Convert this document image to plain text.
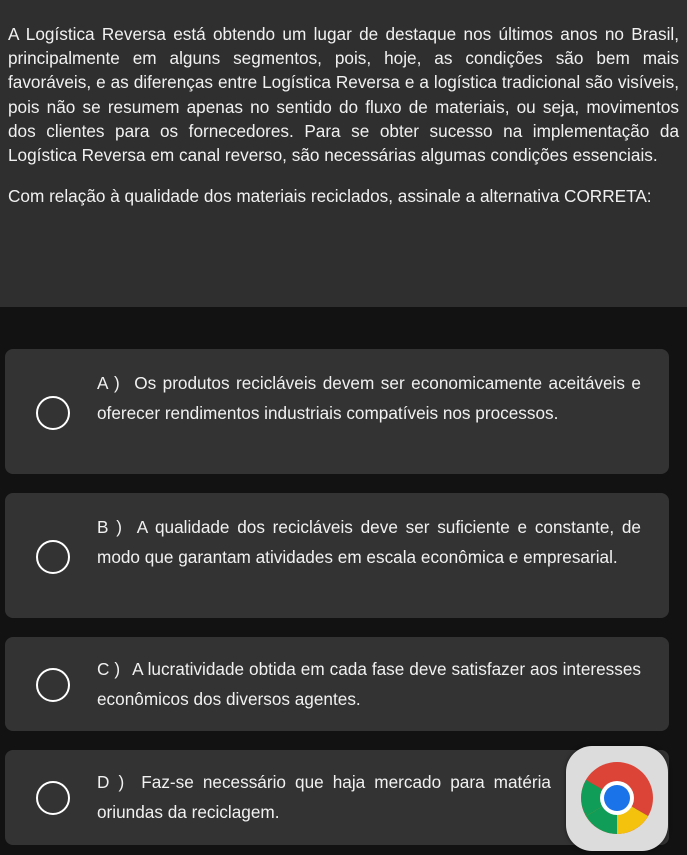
A Logística Reversa está obtendo um lugar de destaque nos últimos anos no Brasil, principalmente em alguns segmentos, pois, hoje, as condições são bem mais favoráveis, e as diferenças entre Logística Reversa e a logística tradicional são visíveis, pois não se resumem apenas no sentido do fluxo de materiais, ou seja, movimentos dos clientes para os fornecedores. Para se obter sucesso na implementação da Logística Reversa em canal reverso, são necessárias algumas condições essenciais.

Com relação à qualidade dos materiais reciclados, assinale a alternativa CORRETA:

A ) Os produtos recicláveis devem ser economicamente aceitáveis e oferecer rendimentos industriais compatíveis nos processos.
B ) A qualidade dos recicláveis deve ser suficiente e constante, de modo que garantam atividades em escala econômica e empresarial.
C ) A lucratividade obtida em cada fase deve satisfazer aos interesses econômicos dos diversos agentes.
D ) Faz-se necessário que haja mercado para matéria oriundas da reciclagem.
